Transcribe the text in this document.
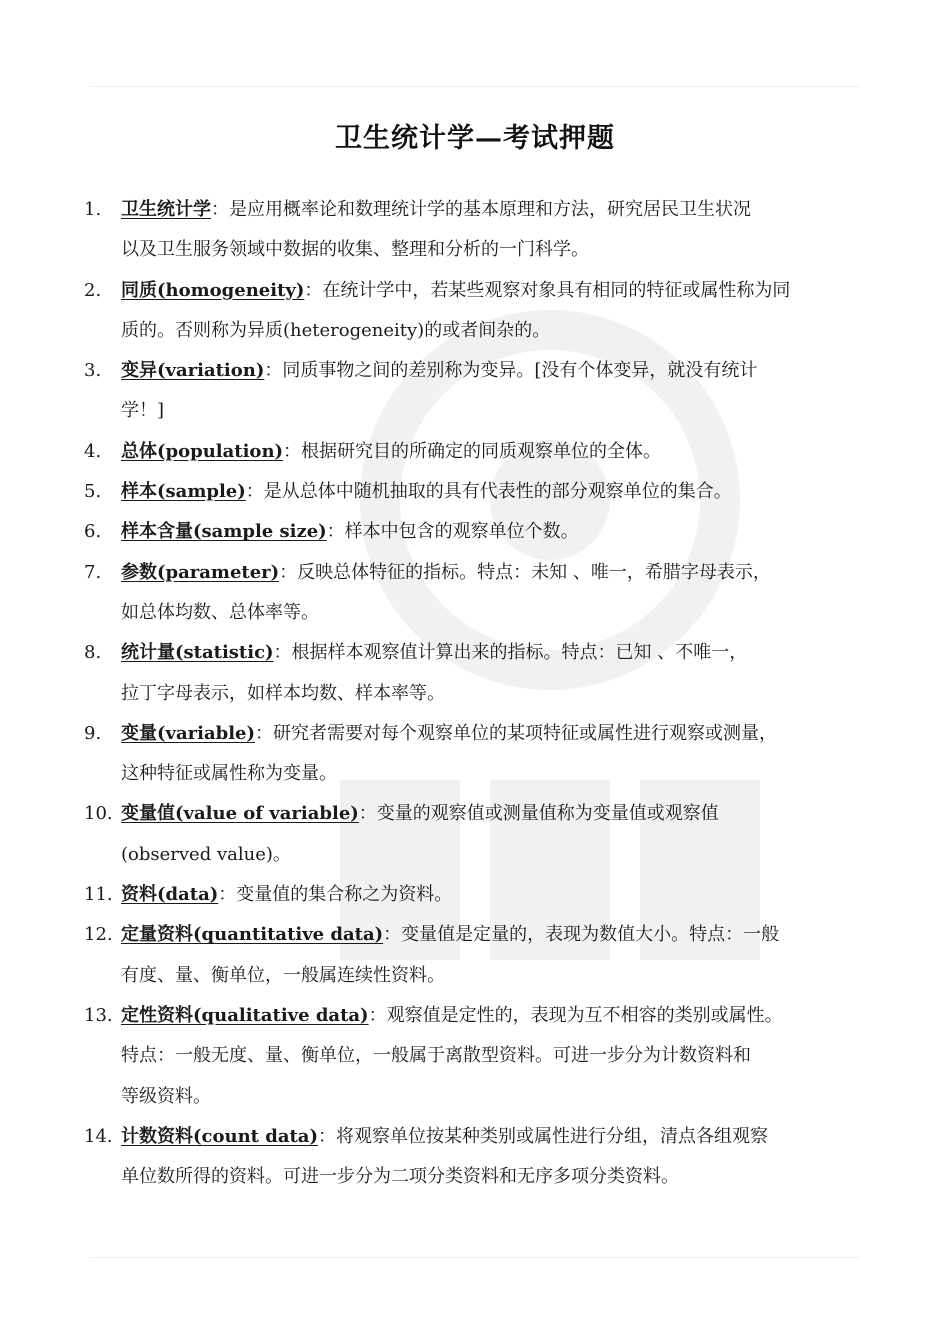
卫生统计学—考试押题
1. 卫生统计学：是应用概率论和数理统计学的基本原理和方法，研究居民卫生状况
以及卫生服务领域中数据的收集、整理和分析的一门科学。
2. 同质(homogeneity)：在统计学中，若某些观察对象具有相同的特征或属性称为同
质的。否则称为异质(heterogeneity)的或者间杂的。
3. 变异(variation)：同质事物之间的差别称为变异。[没有个体变异，就没有统计
学！]
4. 总体(population)：根据研究目的所确定的同质观察单位的全体。
5. 样本(sample)：是从总体中随机抽取的具有代表性的部分观察单位的集合。
6. 样本含量(sample size)：样本中包含的观察单位个数。
7. 参数(parameter)：反映总体特征的指标。特点：未知 、唯一，希腊字母表示，
如总体均数、总体率等。
8. 统计量(statistic)：根据样本观察值计算出来的指标。特点：已知 、不唯一，
拉丁字母表示，如样本均数、样本率等。
9. 变量(variable)：研究者需要对每个观察单位的某项特征或属性进行观察或测量，
这种特征或属性称为变量。
10. 变量值(value of variable)：变量的观察值或测量值称为变量值或观察值
(observed value)。
11. 资料(data)：变量值的集合称之为资料。
12. 定量资料(quantitative data)：变量值是定量的，表现为数值大小。特点：一般
有度、量、衡单位，一般属连续性资料。
13. 定性资料(qualitative data)：观察值是定性的，表现为互不相容的类别或属性。
特点：一般无度、量、衡单位，一般属于离散型资料。可进一步分为计数资料和
等级资料。
14. 计数资料(count data)：将观察单位按某种类别或属性进行分组，清点各组观察
单位数所得的资料。可进一步分为二项分类资料和无序多项分类资料。
